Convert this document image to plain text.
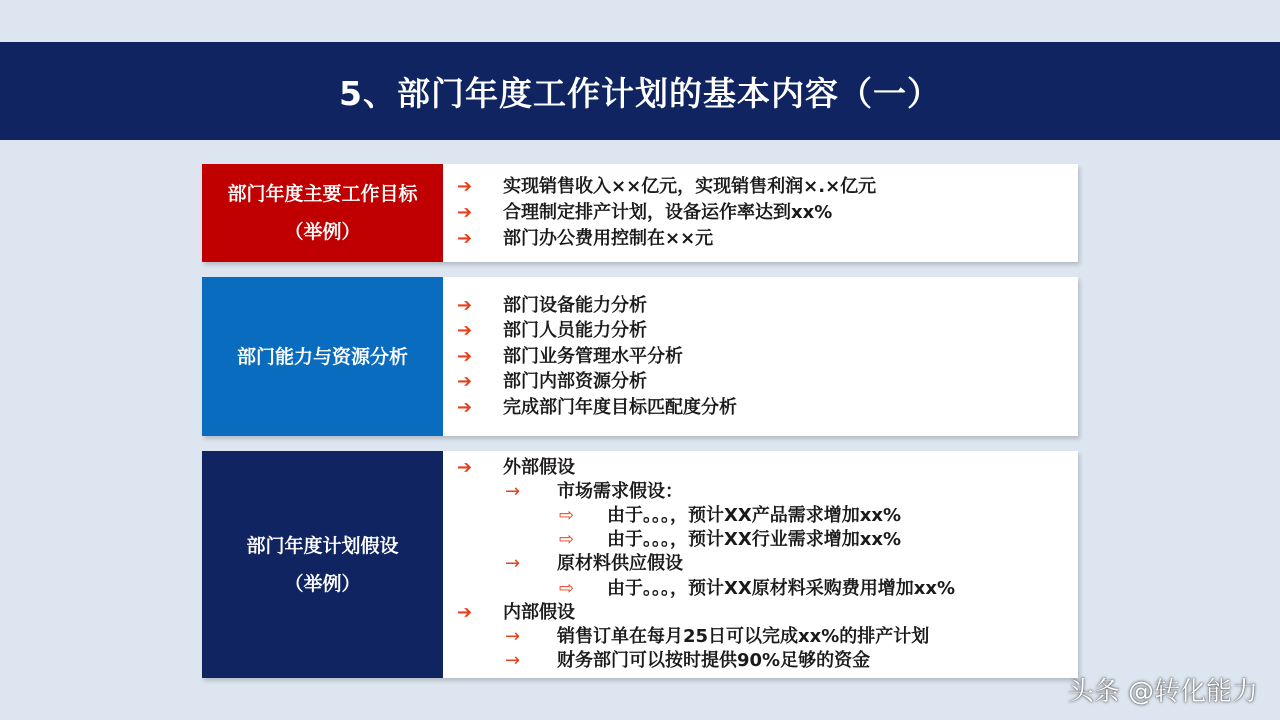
5、部门年度工作计划的基本内容（一）
部门年度主要工作目标
（举例）
➔	实现销售收入××亿元，实现销售利润×.×亿元
➔	合理制定排产计划，设备运作率达到xx%
➔	部门办公费用控制在××元
部门能力与资源分析
➔	部门设备能力分析
➔	部门人员能力分析
➔	部门业务管理水平分析
➔	部门内部资源分析
➔	完成部门年度目标匹配度分析
部门年度计划假设
（举例）
➔	外部假设
→	市场需求假设：
⇨	由于。。。，预计XX产品需求增加xx%
⇨	由于。。。，预计XX行业需求增加xx%
→	原材料供应假设
⇨	由于。。。，预计XX原材料采购费用增加xx%
➔	内部假设
→	销售订单在每月25日可以完成xx%的排产计划
→	财务部门可以按时提供90%足够的资金
头条 @转化能力
